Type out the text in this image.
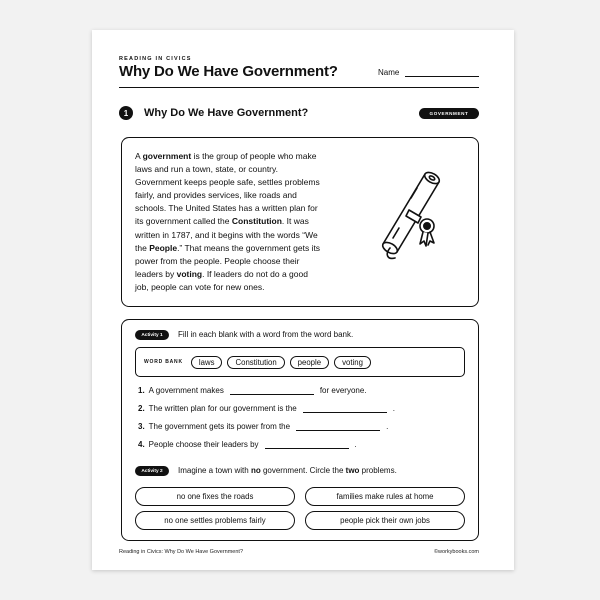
READING IN CIVICS
Why Do We Have Government?	Name
1	Why Do We Have Government?	GOVERNMENT
A government is the group of people who make
laws and run a town, state, or country.
Government keeps people safe, settles problems
fairly, and provides services, like roads and
schools. The United States has a written plan for
its government called the Constitution. It was
written in 1787, and it begins with the words “We
the People.” That means the government gets its
power from the people. People choose their
leaders by voting. If leaders do not do a good
job, people can vote for new ones.
Activity 1	Fill in each blank with a word from the word bank.
WORD BANK	laws	Constitution	people	voting
1. A government makes	for everyone.
2. The written plan for our government is the	.
3. The government gets its power from the	.
4. People choose their leaders by	.
Activity 2	Imagine a town with no government. Circle the two problems.
no one fixes the roads	families make rules at home
no one settles problems fairly	people pick their own jobs
Reading in Civics: Why Do We Have Government?	©workybooks.com
